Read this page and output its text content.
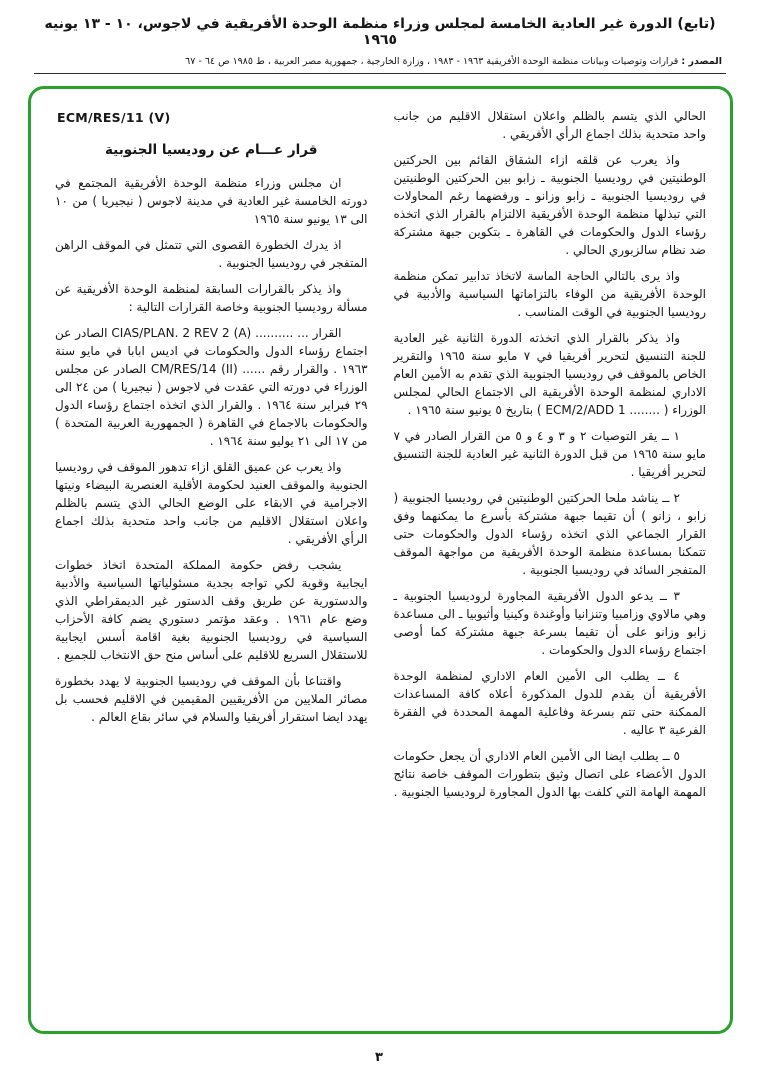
(تابع) الدورة غير العادية الخامسة لمجلس وزراء منظمة الوحدة الأفريقية في لاجوس، ١٠ - ١٣ يونيه ١٩٦٥
المصدر : قرارات وتوصيات وبيانات منظمة الوحدة الأفريقية ١٩٦٣ - ١٩٨٣ ، وزارة الخارجية ، جمهورية مصر العربية ، ط ١٩٨٥ ص ٦٤ - ٦٧

الحالي الذي يتسم بالظلم واعلان استقلال الاقليم من جانب واحد متحدية بذلك اجماع الرأي الأفريقي .

واذ يعرب عن قلقه ازاء الشقاق القائم بين الحركتين الوطنيتين في روديسيا الجنوبية ـ زابو بين الحركتين الوطنيتين في روديسيا الجنوبية ـ زابو وزانو ـ ورفضهما رغم المحاولات التي تبذلها منظمة الوحدة الأفريقية الالتزام بالقرار الذي اتخذه رؤساء الدول والحكومات في القاهرة ـ بتكوين جبهة مشتركة ضد نظام سالزبوري الحالي .

واذ يرى بالتالي الحاجة الماسة لاتخاذ تدابير تمكن منظمة الوحدة الأفريقية من الوفاء بالتزاماتها السياسية والأدبية في روديسيا الجنوبية في الوقت المناسب .

واذ يذكر بالقرار الذي اتخذته الدورة الثانية غير العادية للجنة التنسيق لتحرير أفريقيا في ٧ مايو سنة ١٩٦٥ والتقرير الخاص بالموقف في روديسيا الجنوبية الذي تقدم به الأمين العام الاداري لمنظمة الوحدة الأفريقية الى الاجتماع الحالي لمجلس الوزراء ( ........ ‎ECM/2/ADD 1‎ ) بتاريخ ٥ يونيو سنة ١٩٦٥ .

١ ــ يقر التوصيات ٢ و ٣ و ٤ و ٥ من القرار الصادر في ٧ مايو سنة ١٩٦٥ من قبل الدورة الثانية غير العادية للجنة التنسيق لتحرير أفريقيا .

٢ ــ يناشد ملحا الحركتين الوطنيتين في روديسيا الجنوبية ( زابو ، زانو ) أن تقيما جبهة مشتركة بأسرع ما يمكنهما وفق القرار الجماعي الذي اتخذه رؤساء الدول والحكومات حتى تتمكنا بمساعدة منظمة الوحدة الأفريقية من مواجهة الموقف المتفجر السائد في روديسيا الجنوبية .

٣ ــ يدعو الدول الأفريقية المجاورة لروديسيا الجنوبية ـ وهي مالاوي وزامبيا وتنزانيا وأوغندة وكينيا وأثيوبيا ـ الى مساعدة زابو وزانو على أن تقيما بسرعة جبهة مشتركة كما أوصى اجتماع رؤساء الدول والحكومات .

٤ ــ يطلب الى الأمين العام الاداري لمنظمة الوحدة الأفريقية أن يقدم للدول المذكورة أعلاه كافة المساعدات الممكنة حتى تتم بسرعة وفاعلية المهمة المحددة في الفقرة الفرعية ٣ عاليه .

٥ ــ يطلب ايضا الى الأمين العام الاداري أن يجعل حكومات الدول الأعضاء على اتصال وثيق بتطورات الموقف خاصة نتائج المهمة الهامة التي كلفت بها الدول المجاورة لروديسيا الجنوبية .

ECM/RES/11 (V)
قرار عـــام عن روديسيا الجنوبية

ان مجلس وزراء منظمة الوحدة الأفريقية المجتمع في دورته الخامسة غير العادية في مدينة لاجوس ( نيجيريا ) من ١٠ الى ١٣ يونيو سنة ١٩٦٥

اذ يدرك الخطورة القصوى التي تتمثل في الموقف الراهن المتفجر في روديسيا الجنوبية .

واذ يذكر بالقرارات السابقة لمنظمة الوحدة الأفريقية عن مسألة روديسيا الجنوبية وخاصة القرارات التالية :

القرار ... .......... ‎CIAS/PLAN. 2 REV 2 (A)‎ الصادر عن اجتماع رؤساء الدول والحكومات في اديس ابابا في مايو سنة ١٩٦٣ . والقرار رقم ...... ‎CM/RES/14 (II)‎ الصادر عن مجلس الوزراء في دورته التي عقدت في لاجوس ( نيجيريا ) من ٢٤ الى ٢٩ فبراير سنة ١٩٦٤ . والقرار الذي اتخذه اجتماع رؤساء الدول والحكومات بالاجماع في القاهرة ( الجمهورية العربية المتحدة ) من ١٧ الى ٢١ يوليو سنة ١٩٦٤ .

واذ يعرب عن عميق القلق ازاء تدهور الموقف في روديسيا الجنوبية والموقف العنيد لحكومة الأقلية العنصرية البيضاء ونيتها الاجرامية في الابقاء على الوضع الحالي الذي يتسم بالظلم واعلان استقلال الاقليم من جانب واحد متحدية بذلك اجماع الرأي الأفريقي .

يشجب رفض حكومة المملكة المتحدة اتخاذ خطوات ايجابية وقوية لكي تواجه بجدية مسئولياتها السياسية والأدبية والدستورية عن طريق وقف الدستور غير الديمقراطي الذي وضع عام ١٩٦١ . وعقد مؤتمر دستوري يضم كافة الأحزاب السياسية في روديسيا الجنوبية بغية اقامة أسس ايجابية للاستقلال السريع للاقليم على أساس منح حق الانتخاب للجميع .

واقتناعا بأن الموقف في روديسيا الجنوبية لا يهدد بخطورة مصائر الملايين من الأفريقيين المقيمين في الاقليم فحسب بل يهدد ايضا استقرار أفريقيا والسلام في سائر بقاع العالم .

٣
